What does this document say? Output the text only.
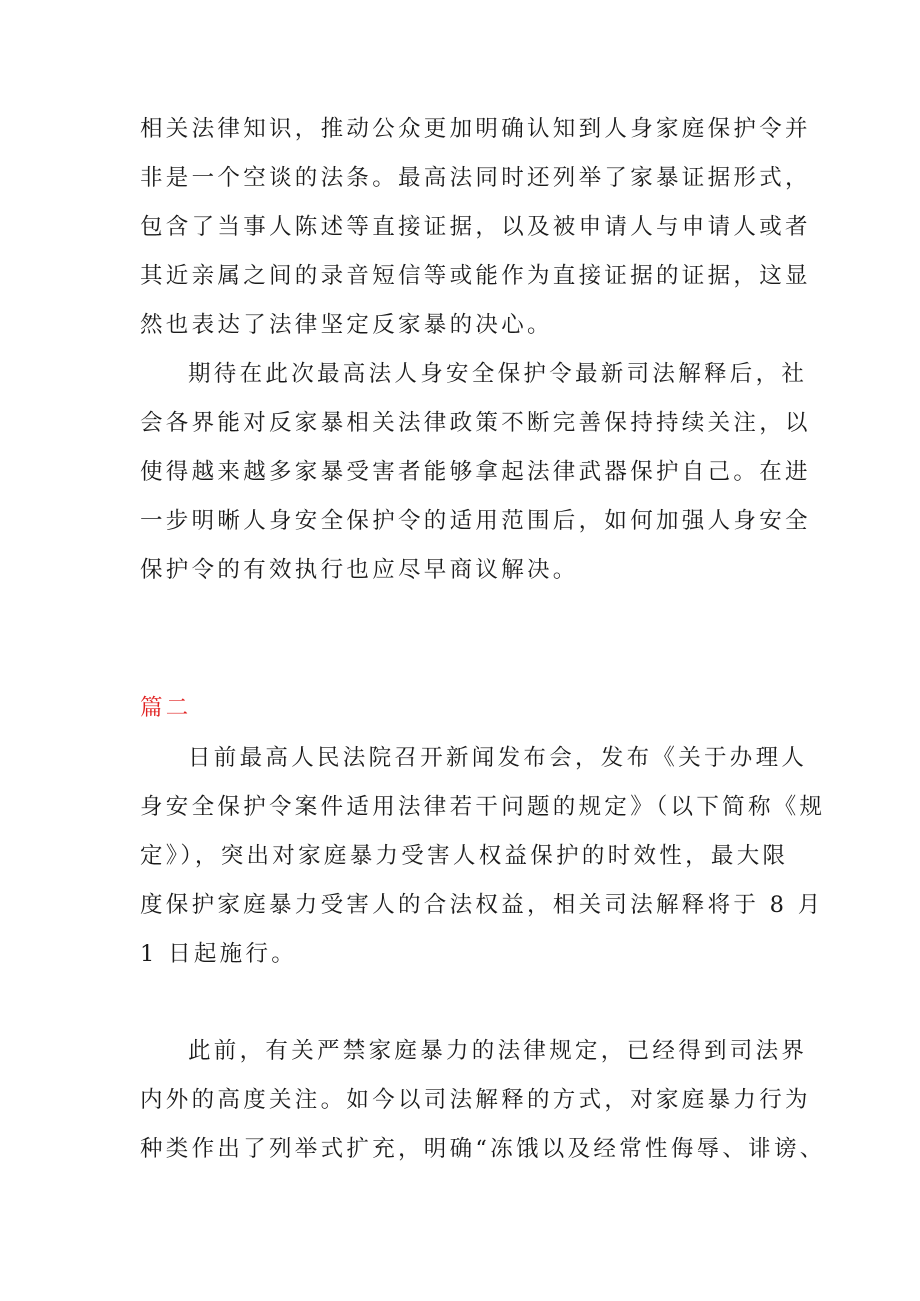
相关法律知识，推动公众更加明确认知到人身家庭保护令并
非是一个空谈的法条。最高法同时还列举了家暴证据形式，
包含了当事人陈述等直接证据，以及被申请人与申请人或者
其近亲属之间的录音短信等或能作为直接证据的证据，这显
然也表达了法律坚定反家暴的决心。
期待在此次最高法人身安全保护令最新司法解释后，社
会各界能对反家暴相关法律政策不断完善保持持续关注，以
使得越来越多家暴受害者能够拿起法律武器保护自己。在进
一步明晰人身安全保护令的适用范围后，如何加强人身安全
保护令的有效执行也应尽早商议解决。
篇二
日前最高人民法院召开新闻发布会，发布《关于办理人
身安全保护令案件适用法律若干问题的规定》（以下简称《规
定》），突出对家庭暴力受害人权益保护的时效性，最大限
度保护家庭暴力受害人的合法权益，相关司法解释将于 8 月
1 日起施行。
此前，有关严禁家庭暴力的法律规定，已经得到司法界
内外的高度关注。如今以司法解释的方式，对家庭暴力行为
种类作出了列举式扩充，明确“冻饿以及经常性侮辱、诽谤、
